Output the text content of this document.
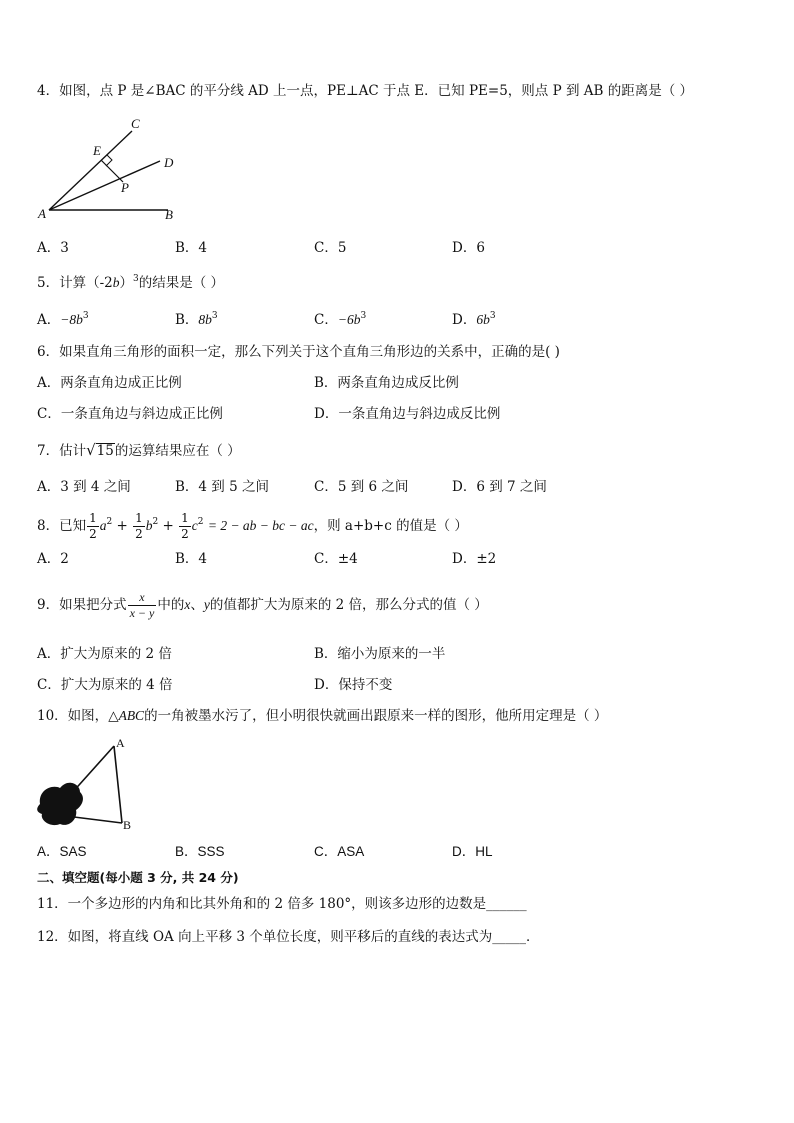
4．如图，点 P 是∠BAC 的平分线 AD 上一点，PE⊥AC 于点 E．已知 PE=5，则点 P 到 AB 的距离是（ ）
A	B
C
D
E
P
A．3	B．4	C．5	D．6
5．计算$(-2b)^3$的结果是（ ）
A．$-8b^3$	B．$8b^3$	C．$-6b^3$	D．$6b^3$
6．如果直角三角形的面积一定，那么下列关于这个直角三角形边的关系中，正确的是( )
A．两条直角边成正比例	B．两条直角边成反比例
C．一条直角边与斜边成正比例	D．一条直角边与斜边成反比例
7．估计√15的运算结果应在（ ）
A．3 到 4 之间	B．4 到 5 之间	C．5 到 6 之间	D．6 到 7 之间
8．已知 $\frac{1}{2} a^2 + \frac{1}{2} b^2 + \frac{1}{2} c^2 = 2$ − ab − bc − ac，则 a+b+c 的值是（ ）
A．2	B．4	C．±4	D．±2
9．如果把分式 $\frac{x}{x - y}$ 中的x、y的值都扩大为原来的 2 倍，那么分式的值（ ）
A．扩大为原来的 2 倍	B．缩小为原来的一半
C．扩大为原来的 4 倍	D．保持不变
10．如图，△ABC的一角被墨水污了，但小明很快就画出跟原来一样的图形，他所用定理是（ ）
A
B
A．SAS	B．SSS	C．ASA	D．HL
二、填空题(每小题 3 分, 共 24 分)
11．一个多边形的内角和比其外角和的 2 倍多 180°，则该多边形的边数是______
12．如图，将直线 OA 向上平移 3 个单位长度，则平移后的直线的表达式为_____．
